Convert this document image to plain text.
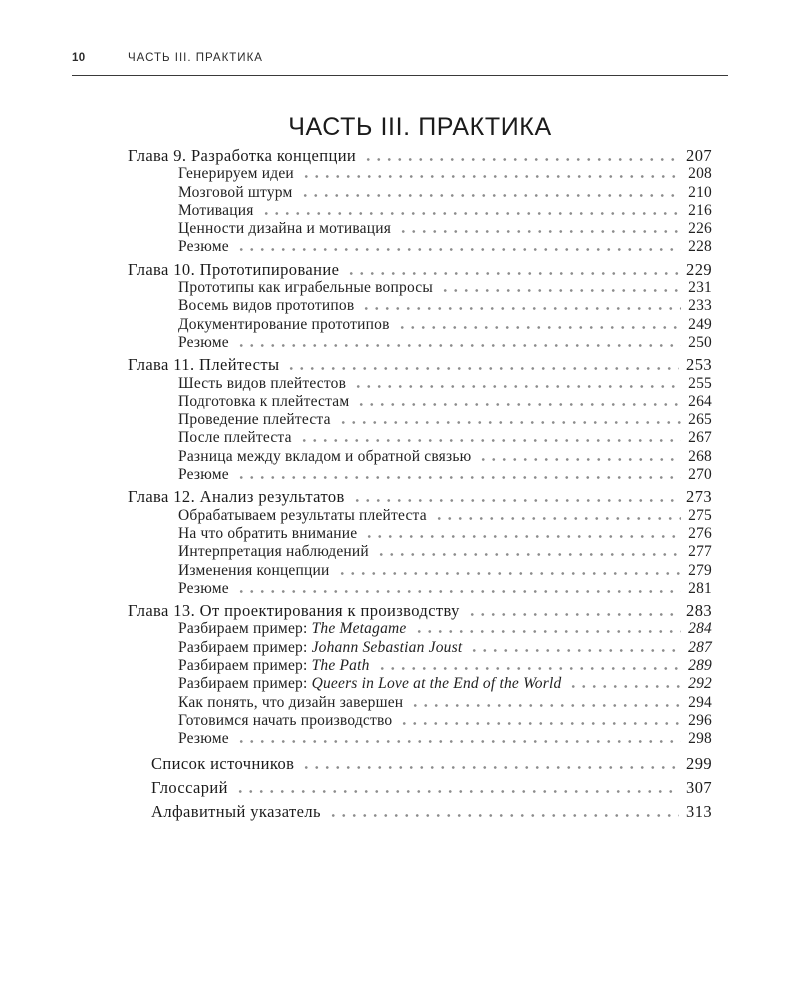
10	ЧАСТЬ III. ПРАКТИКА
ЧАСТЬ III. ПРАКТИКА
Глава 9. Разработка концепции	207
Генерируем идеи	208
Мозговой штурм	210
Мотивация	216
Ценности дизайна и мотивация	226
Резюме	228
Глава 10. Прототипирование	229
Прототипы как играбельные вопросы	231
Восемь видов прототипов	233
Документирование прототипов	249
Резюме	250
Глава 11. Плейтесты	253
Шесть видов плейтестов	255
Подготовка к плейтестам	264
Проведение плейтеста	265
После плейтеста	267
Разница между вкладом и обратной связью	268
Резюме	270
Глава 12. Анализ результатов	273
Обрабатываем результаты плейтеста	275
На что обратить внимание	276
Интерпретация наблюдений	277
Изменения концепции	279
Резюме	281
Глава 13. От проектирования к производству	283
Разбираем пример: The Metagame	284
Разбираем пример: Johann Sebastian Joust	287
Разбираем пример: The Path	289
Разбираем пример: Queers in Love at the End of the World	292
Как понять, что дизайн завершен	294
Готовимся начать производство	296
Резюме	298
Список источников	299
Глоссарий	307
Алфавитный указатель	313
